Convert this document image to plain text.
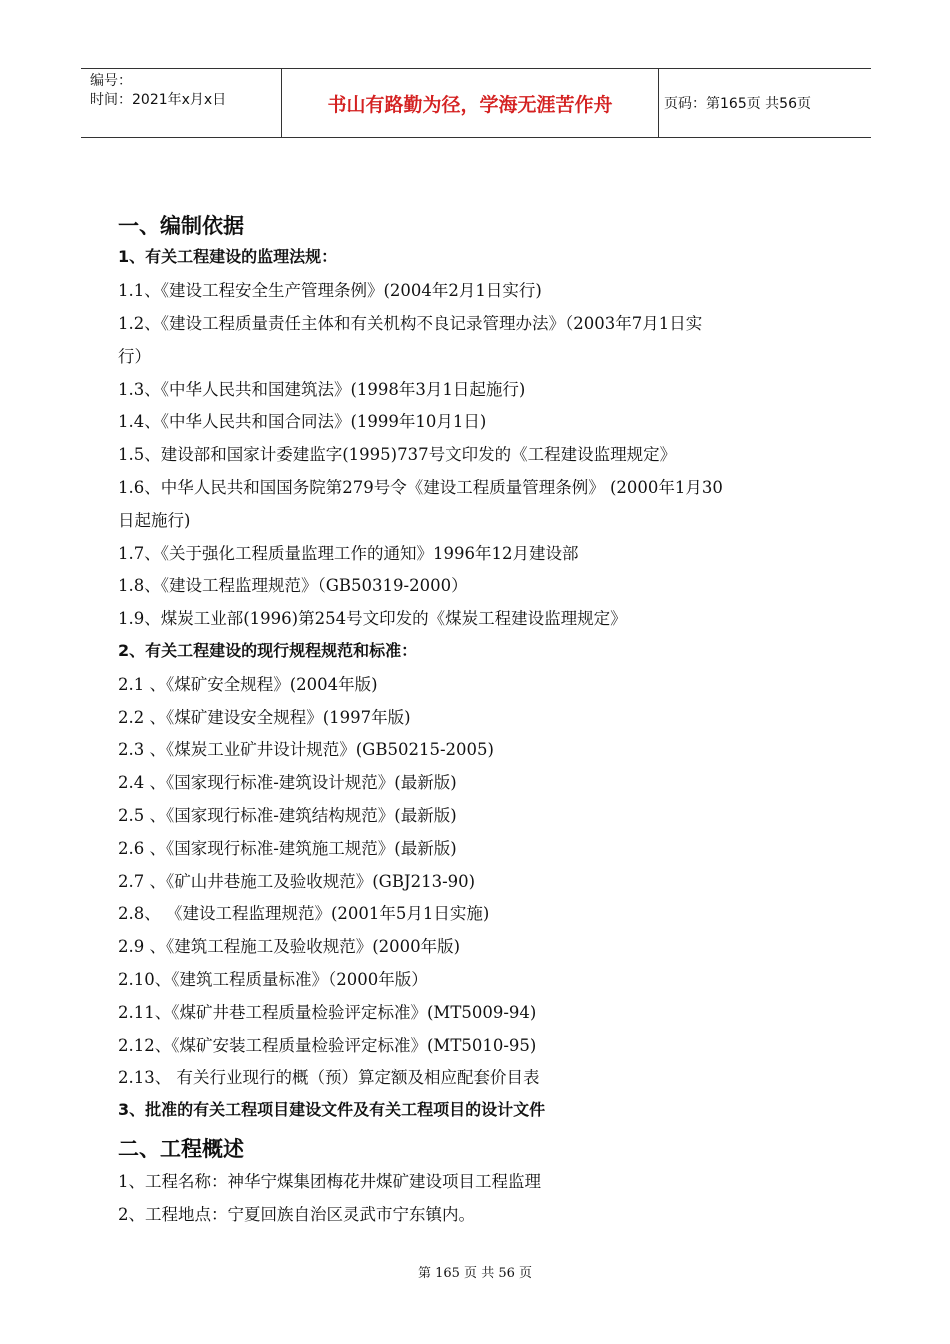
编号：
时间：2021年x月x日	书山有路勤为径，学海无涯苦作舟	页码：第165页 共56页
一、编制依据
1、有关工程建设的监理法规：
1.1、《建设工程安全生产管理条例》(2004年2月1日实行)
1.2、《建设工程质量责任主体和有关机构不良记录管理办法》（2003年7月1日实
行）
1.3、《中华人民共和国建筑法》(1998年3月1日起施行)
1.4、《中华人民共和国合同法》(1999年10月1日)
1.5、建设部和国家计委建监字(1995)737号文印发的《工程建设监理规定》
1.6、中华人民共和国国务院第279号令《建设工程质量管理条例》 (2000年1月30
日起施行)
1.7、《关于强化工程质量监理工作的通知》1996年12月建设部
1.8、《建设工程监理规范》（GB50319-2000）
1.9、煤炭工业部(1996)第254号文印发的《煤炭工程建设监理规定》
2、有关工程建设的现行规程规范和标准：
2.1 、《煤矿安全规程》(2004年版)
2.2 、《煤矿建设安全规程》(1997年版)
2.3 、《煤炭工业矿井设计规范》(GB50215-2005)
2.4 、《国家现行标准-建筑设计规范》(最新版)
2.5 、《国家现行标准-建筑结构规范》(最新版)
2.6 、《国家现行标准-建筑施工规范》(最新版)
2.7 、《矿山井巷施工及验收规范》(GBJ213-90)
2.8、 《建设工程监理规范》(2001年5月1日实施)
2.9 、《建筑工程施工及验收规范》(2000年版)
2.10、《建筑工程质量标准》（2000年版）
2.11、《煤矿井巷工程质量检验评定标准》(MT5009-94)
2.12、《煤矿安装工程质量检验评定标准》(MT5010-95)
2.13、 有关行业现行的概（预）算定额及相应配套价目表
3、批准的有关工程项目建设文件及有关工程项目的设计文件
二、工程概述
1、工程名称：神华宁煤集团梅花井煤矿建设项目工程监理
2、工程地点：宁夏回族自治区灵武市宁东镇内。
第 165 页 共 56 页
